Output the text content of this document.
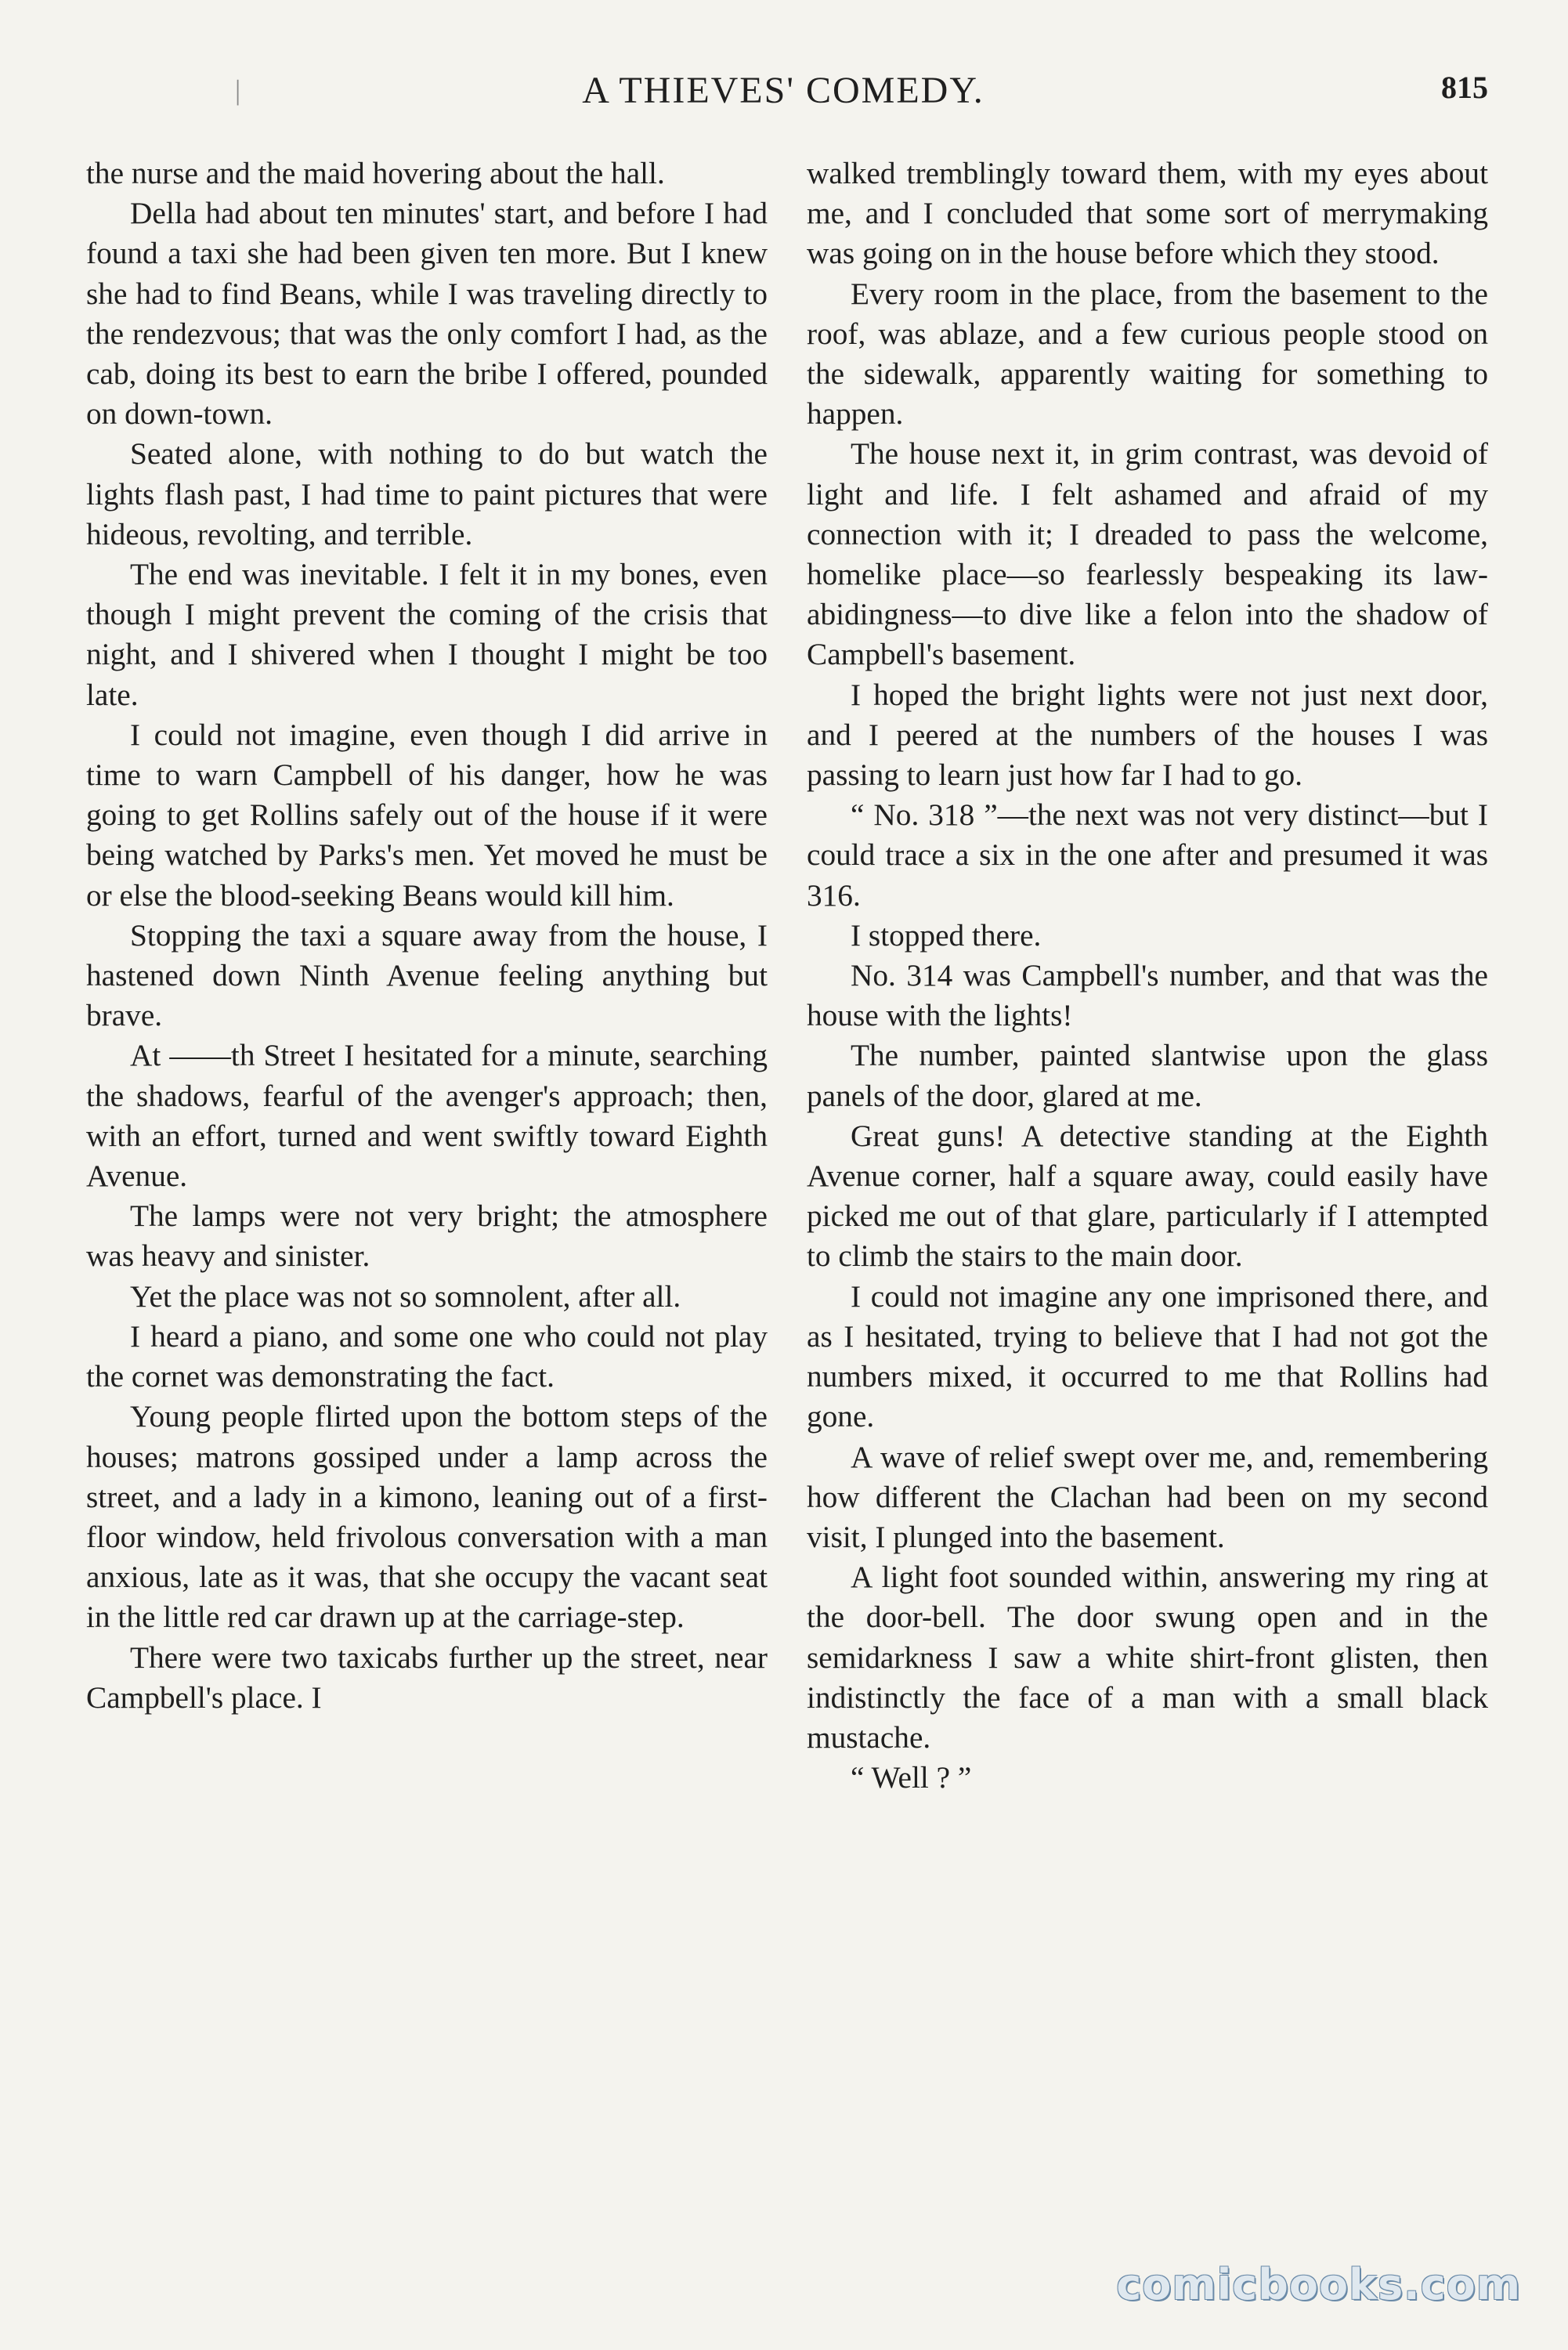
|	A THIEVES' COMEDY.	815

the nurse and the maid hovering about the hall.

Della had about ten minutes' start, and before I had found a taxi she had been given ten more. But I knew she had to find Beans, while I was traveling directly to the rendezvous; that was the only comfort I had, as the cab, doing its best to earn the bribe I offered, pounded on down-town.

Seated alone, with nothing to do but watch the lights flash past, I had time to paint pictures that were hideous, revolting, and terrible.

The end was inevitable. I felt it in my bones, even though I might prevent the coming of the crisis that night, and I shivered when I thought I might be too late.

I could not imagine, even though I did arrive in time to warn Campbell of his danger, how he was going to get Rollins safely out of the house if it were being watched by Parks's men. Yet moved he must be or else the blood-seeking Beans would kill him.

Stopping the taxi a square away from the house, I hastened down Ninth Avenue feeling anything but brave.

At ——th Street I hesitated for a minute, searching the shadows, fearful of the avenger's approach; then, with an effort, turned and went swiftly toward Eighth Avenue.

The lamps were not very bright; the atmosphere was heavy and sinister.

Yet the place was not so somnolent, after all.

I heard a piano, and some one who could not play the cornet was demonstrating the fact.

Young people flirted upon the bottom steps of the houses; matrons gossiped under a lamp across the street, and a lady in a kimono, leaning out of a first-floor window, held frivolous conversation with a man anxious, late as it was, that she occupy the vacant seat in the little red car drawn up at the carriage-step.

There were two taxicabs further up the street, near Campbell's place. I

walked tremblingly toward them, with my eyes about me, and I concluded that some sort of merrymaking was going on in the house before which they stood.

Every room in the place, from the basement to the roof, was ablaze, and a few curious people stood on the sidewalk, apparently waiting for something to happen.

The house next it, in grim contrast, was devoid of light and life. I felt ashamed and afraid of my connection with it; I dreaded to pass the welcome, homelike place—so fearlessly bespeaking its law-abidingness—to dive like a felon into the shadow of Campbell's basement.

I hoped the bright lights were not just next door, and I peered at the numbers of the houses I was passing to learn just how far I had to go.

“ No. 318 ”—the next was not very distinct—but I could trace a six in the one after and presumed it was 316.

I stopped there.

No. 314 was Campbell's number, and that was the house with the lights!

The number, painted slantwise upon the glass panels of the door, glared at me.

Great guns! A detective standing at the Eighth Avenue corner, half a square away, could easily have picked me out of that glare, particularly if I attempted to climb the stairs to the main door.

I could not imagine any one imprisoned there, and as I hesitated, trying to believe that I had not got the numbers mixed, it occurred to me that Rollins had gone.

A wave of relief swept over me, and, remembering how different the Clachan had been on my second visit, I plunged into the basement.

A light foot sounded within, answering my ring at the door-bell. The door swung open and in the semidarkness I saw a white shirt-front glisten, then indistinctly the face of a man with a small black mustache.

“ Well ? ”

comicbooks.com
